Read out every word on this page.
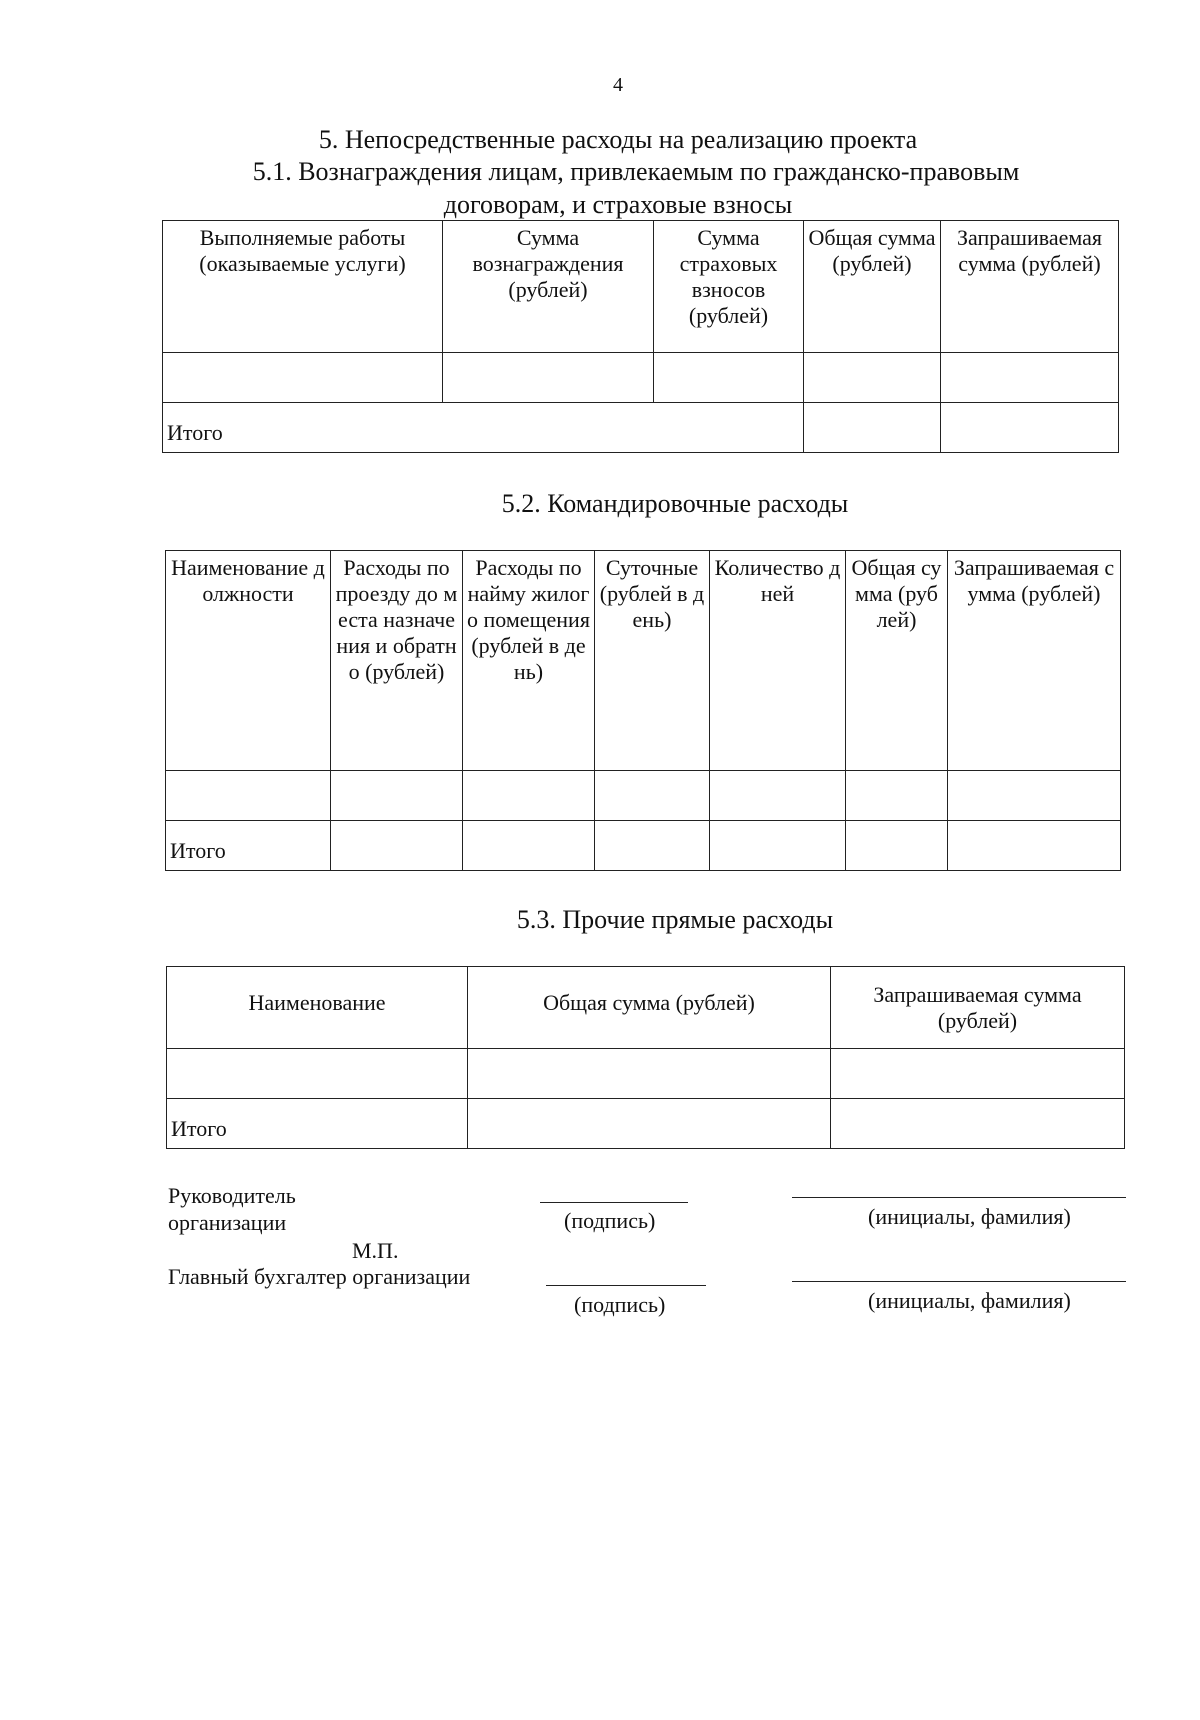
4
5. Непосредственные расходы на реализацию проекта
5.1. Вознаграждения лицам, привлекаемым по гражданско-правовым
договорам, и страховые взносы
Выполняемые работы (оказываемые услуги)	Сумма вознаграждения (рублей)	Сумма страховых взносов (рублей)	Общая сумма (рублей)	Запрашиваемая сумма (рублей)

Итого				
5.2. Командировочные расходы
Наименование должности	Расходы по проезду до места назначения и обратно (рублей)	Расходы по найму жилого помещения (рублей в день)	Суточные (рублей в день)	Количество дней	Общая сумма (рублей)	Запрашиваемая сумма (рублей)

Итого						
5.3. Прочие прямые расходы
Наименование	Общая сумма (рублей)	Запрашиваемая сумма (рублей)

Итого		
Руководитель
организации	(подпись)	(инициалы, фамилия)
М.П.
Главный бухгалтер организации
(подпись)	(инициалы, фамилия)
